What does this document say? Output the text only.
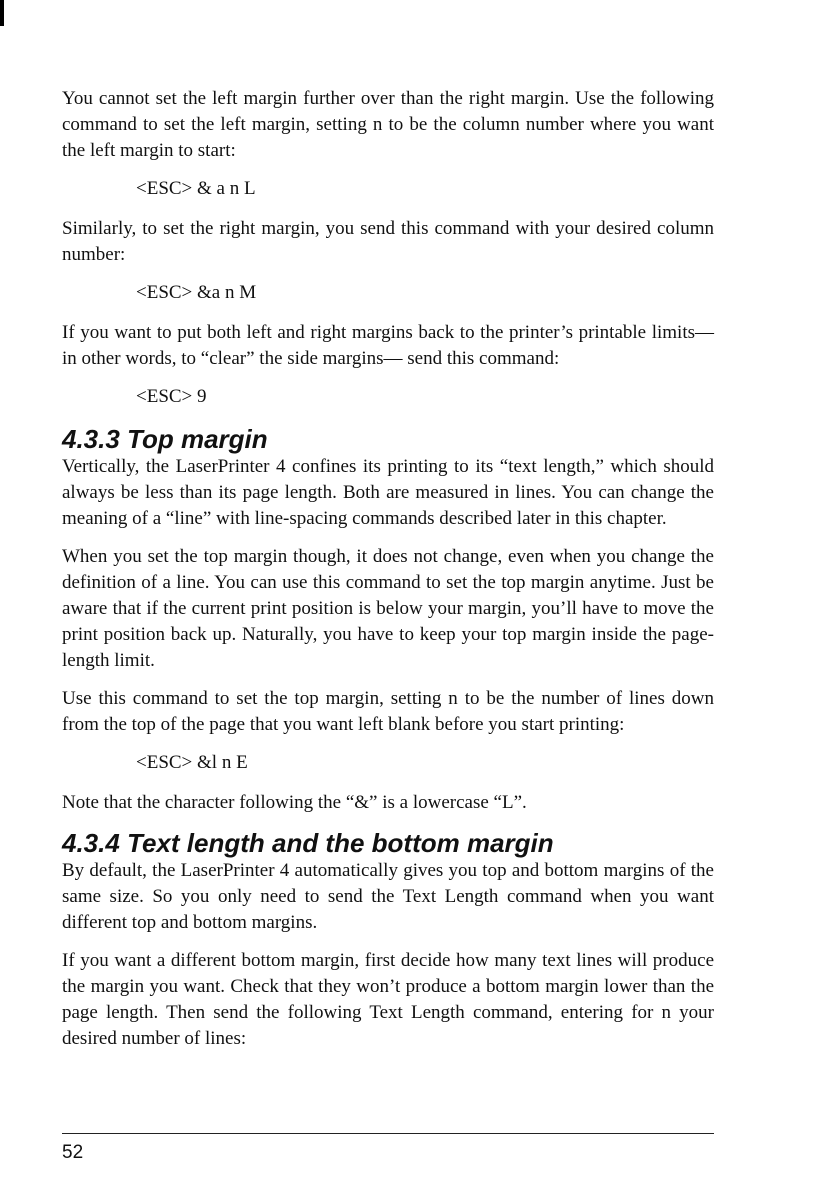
You cannot set the left margin further over than the right margin. Use the following command to set the left margin, setting n to be the column number where you want the left margin to start:

<ESC> & a n L

Similarly, to set the right margin, you send this command with your desired column number:

<ESC> &a n M

If you want to put both left and right margins back to the printer’s printable limits— in other words, to “clear” the side margins— send this command:

<ESC> 9
4.3.3 Top margin

Vertically, the LaserPrinter 4 confines its printing to its “text length,” which should always be less than its page length. Both are measured in lines. You can change the meaning of a “line” with line-spacing commands described later in this chapter.

When you set the top margin though, it does not change, even when you change the definition of a line. You can use this command to set the top margin anytime. Just be aware that if the current print position is below your margin, you’ll have to move the print position back up. Naturally, you have to keep your top margin inside the page-length limit.

Use this command to set the top margin, setting n to be the number of lines down from the top of the page that you want left blank before you start printing:

<ESC> &l n E

Note that the character following the “&” is a lowercase “L”.

4.3.4 Text length and the bottom margin

By default, the LaserPrinter 4 automatically gives you top and bottom margins of the same size. So you only need to send the Text Length command when you want different top and bottom margins.

If you want a different bottom margin, first decide how many text lines will produce the margin you want. Check that they won’t produce a bottom margin lower than the page length. Then send the following Text Length command, entering for n your desired number of lines:

52
